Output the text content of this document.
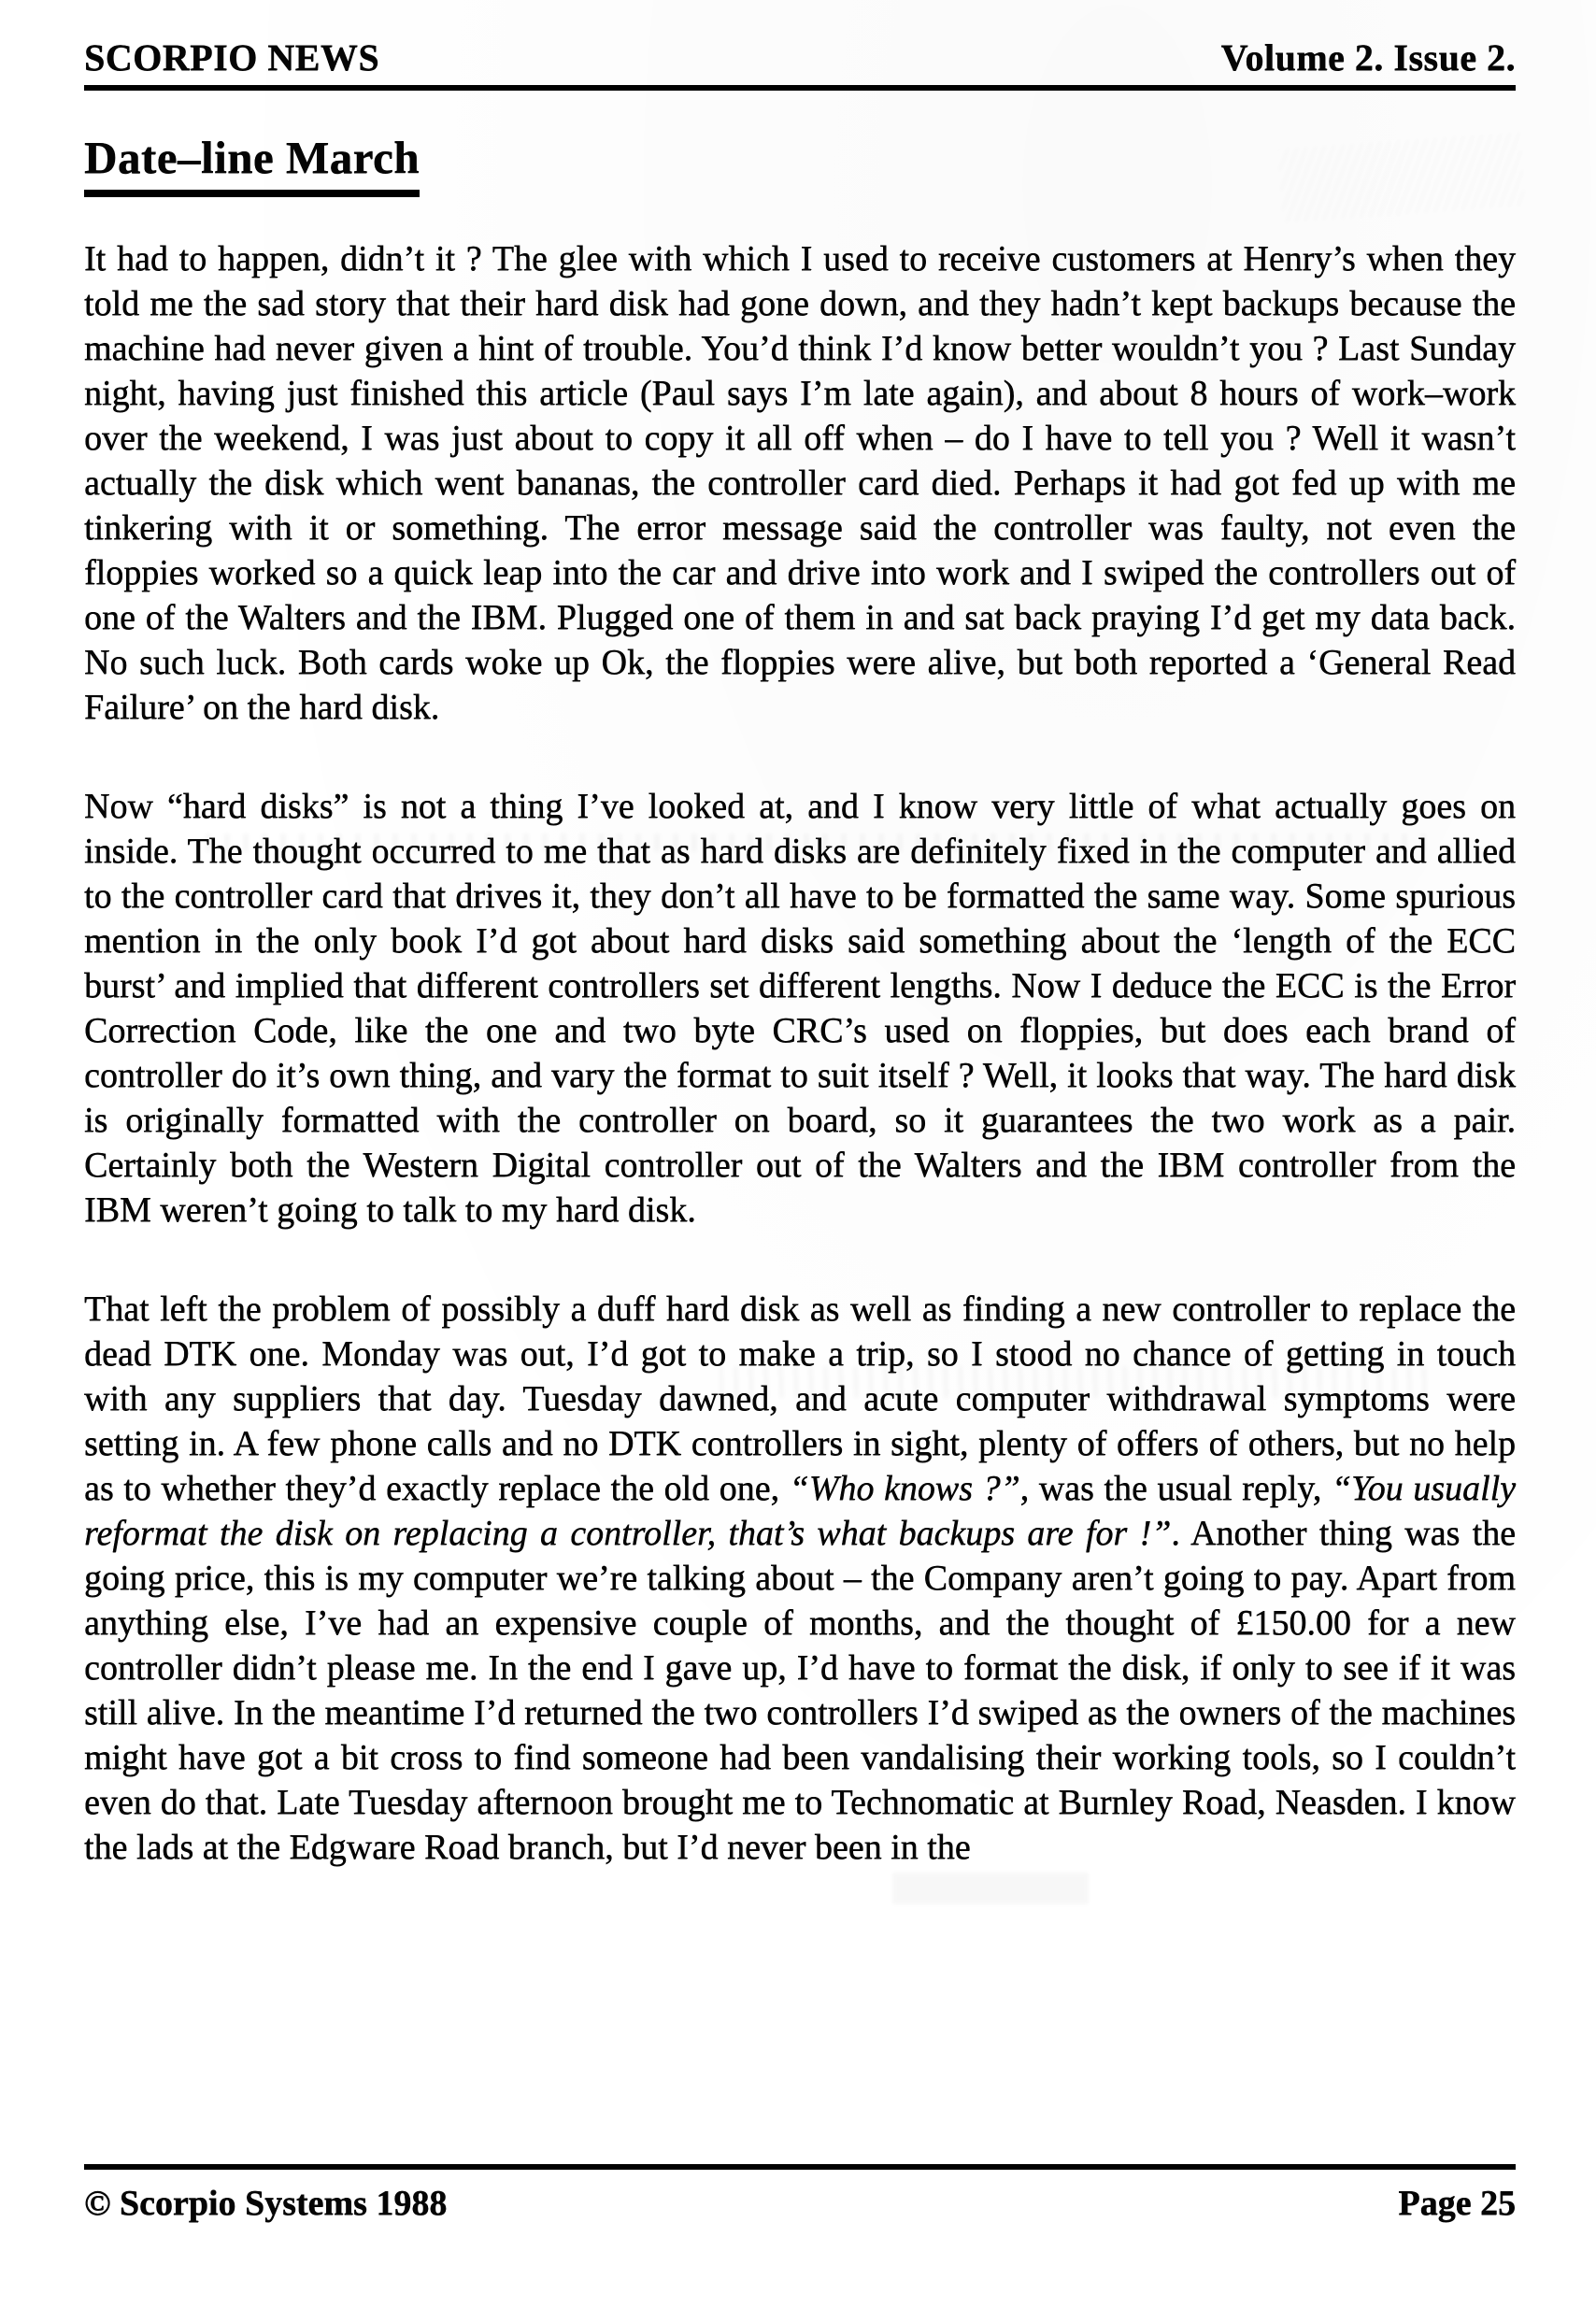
SCORPIO NEWS	Volume 2. Issue 2.
Date–line March

It had to happen, didn’t it ? The glee with which I used to receive customers at Henry’s when they told me the sad story that their hard disk had gone down, and they hadn’t kept backups because the machine had never given a hint of trouble. You’d think I’d know better wouldn’t you ? Last Sunday night, having just finished this article (Paul says I’m late again), and about 8 hours of work–work over the weekend, I was just about to copy it all off when – do I have to tell you ? Well it wasn’t actually the disk which went bananas, the controller card died. Perhaps it had got fed up with me tinkering with it or something. The error message said the controller was faulty, not even the floppies worked so a quick leap into the car and drive into work and I swiped the controllers out of one of the Walters and the IBM. Plugged one of them in and sat back praying I’d get my data back. No such luck. Both cards woke up Ok, the floppies were alive, but both reported a ‘General Read Failure’ on the hard disk.

Now “hard disks” is not a thing I’ve looked at, and I know very little of what actually goes on inside. The thought occurred to me that as hard disks are definitely fixed in the computer and allied to the controller card that drives it, they don’t all have to be formatted the same way. Some spurious mention in the only book I’d got about hard disks said something about the ‘length of the ECC burst’ and implied that different controllers set different lengths. Now I deduce the ECC is the Error Correction Code, like the one and two byte CRC’s used on floppies, but does each brand of controller do it’s own thing, and vary the format to suit itself ? Well, it looks that way. The hard disk is originally formatted with the controller on board, so it guarantees the two work as a pair. Certainly both the Western Digital controller out of the Walters and the IBM controller from the IBM weren’t going to talk to my hard disk.

That left the problem of possibly a duff hard disk as well as finding a new controller to replace the dead DTK one. Monday was out, I’d got to make a trip, so I stood no chance of getting in touch with any suppliers that day. Tuesday dawned, and acute computer withdrawal symptoms were setting in. A few phone calls and no DTK controllers in sight, plenty of offers of others, but no help as to whether they’d exactly replace the old one, “Who knows ?”, was the usual reply, “You usually reformat the disk on replacing a controller, that’s what backups are for !”. Another thing was the going price, this is my computer we’re talking about – the Company aren’t going to pay. Apart from anything else, I’ve had an expensive couple of months, and the thought of £150.00 for a new controller didn’t please me. In the end I gave up, I’d have to format the disk, if only to see if it was still alive. In the meantime I’d returned the two controllers I’d swiped as the owners of the machines might have got a bit cross to find someone had been vandalising their working tools, so I couldn’t even do that. Late Tuesday afternoon brought me to Technomatic at Burnley Road, Neasden. I know the lads at the Edgware Road branch, but I’d never been in the

© Scorpio Systems 1988	Page 25
